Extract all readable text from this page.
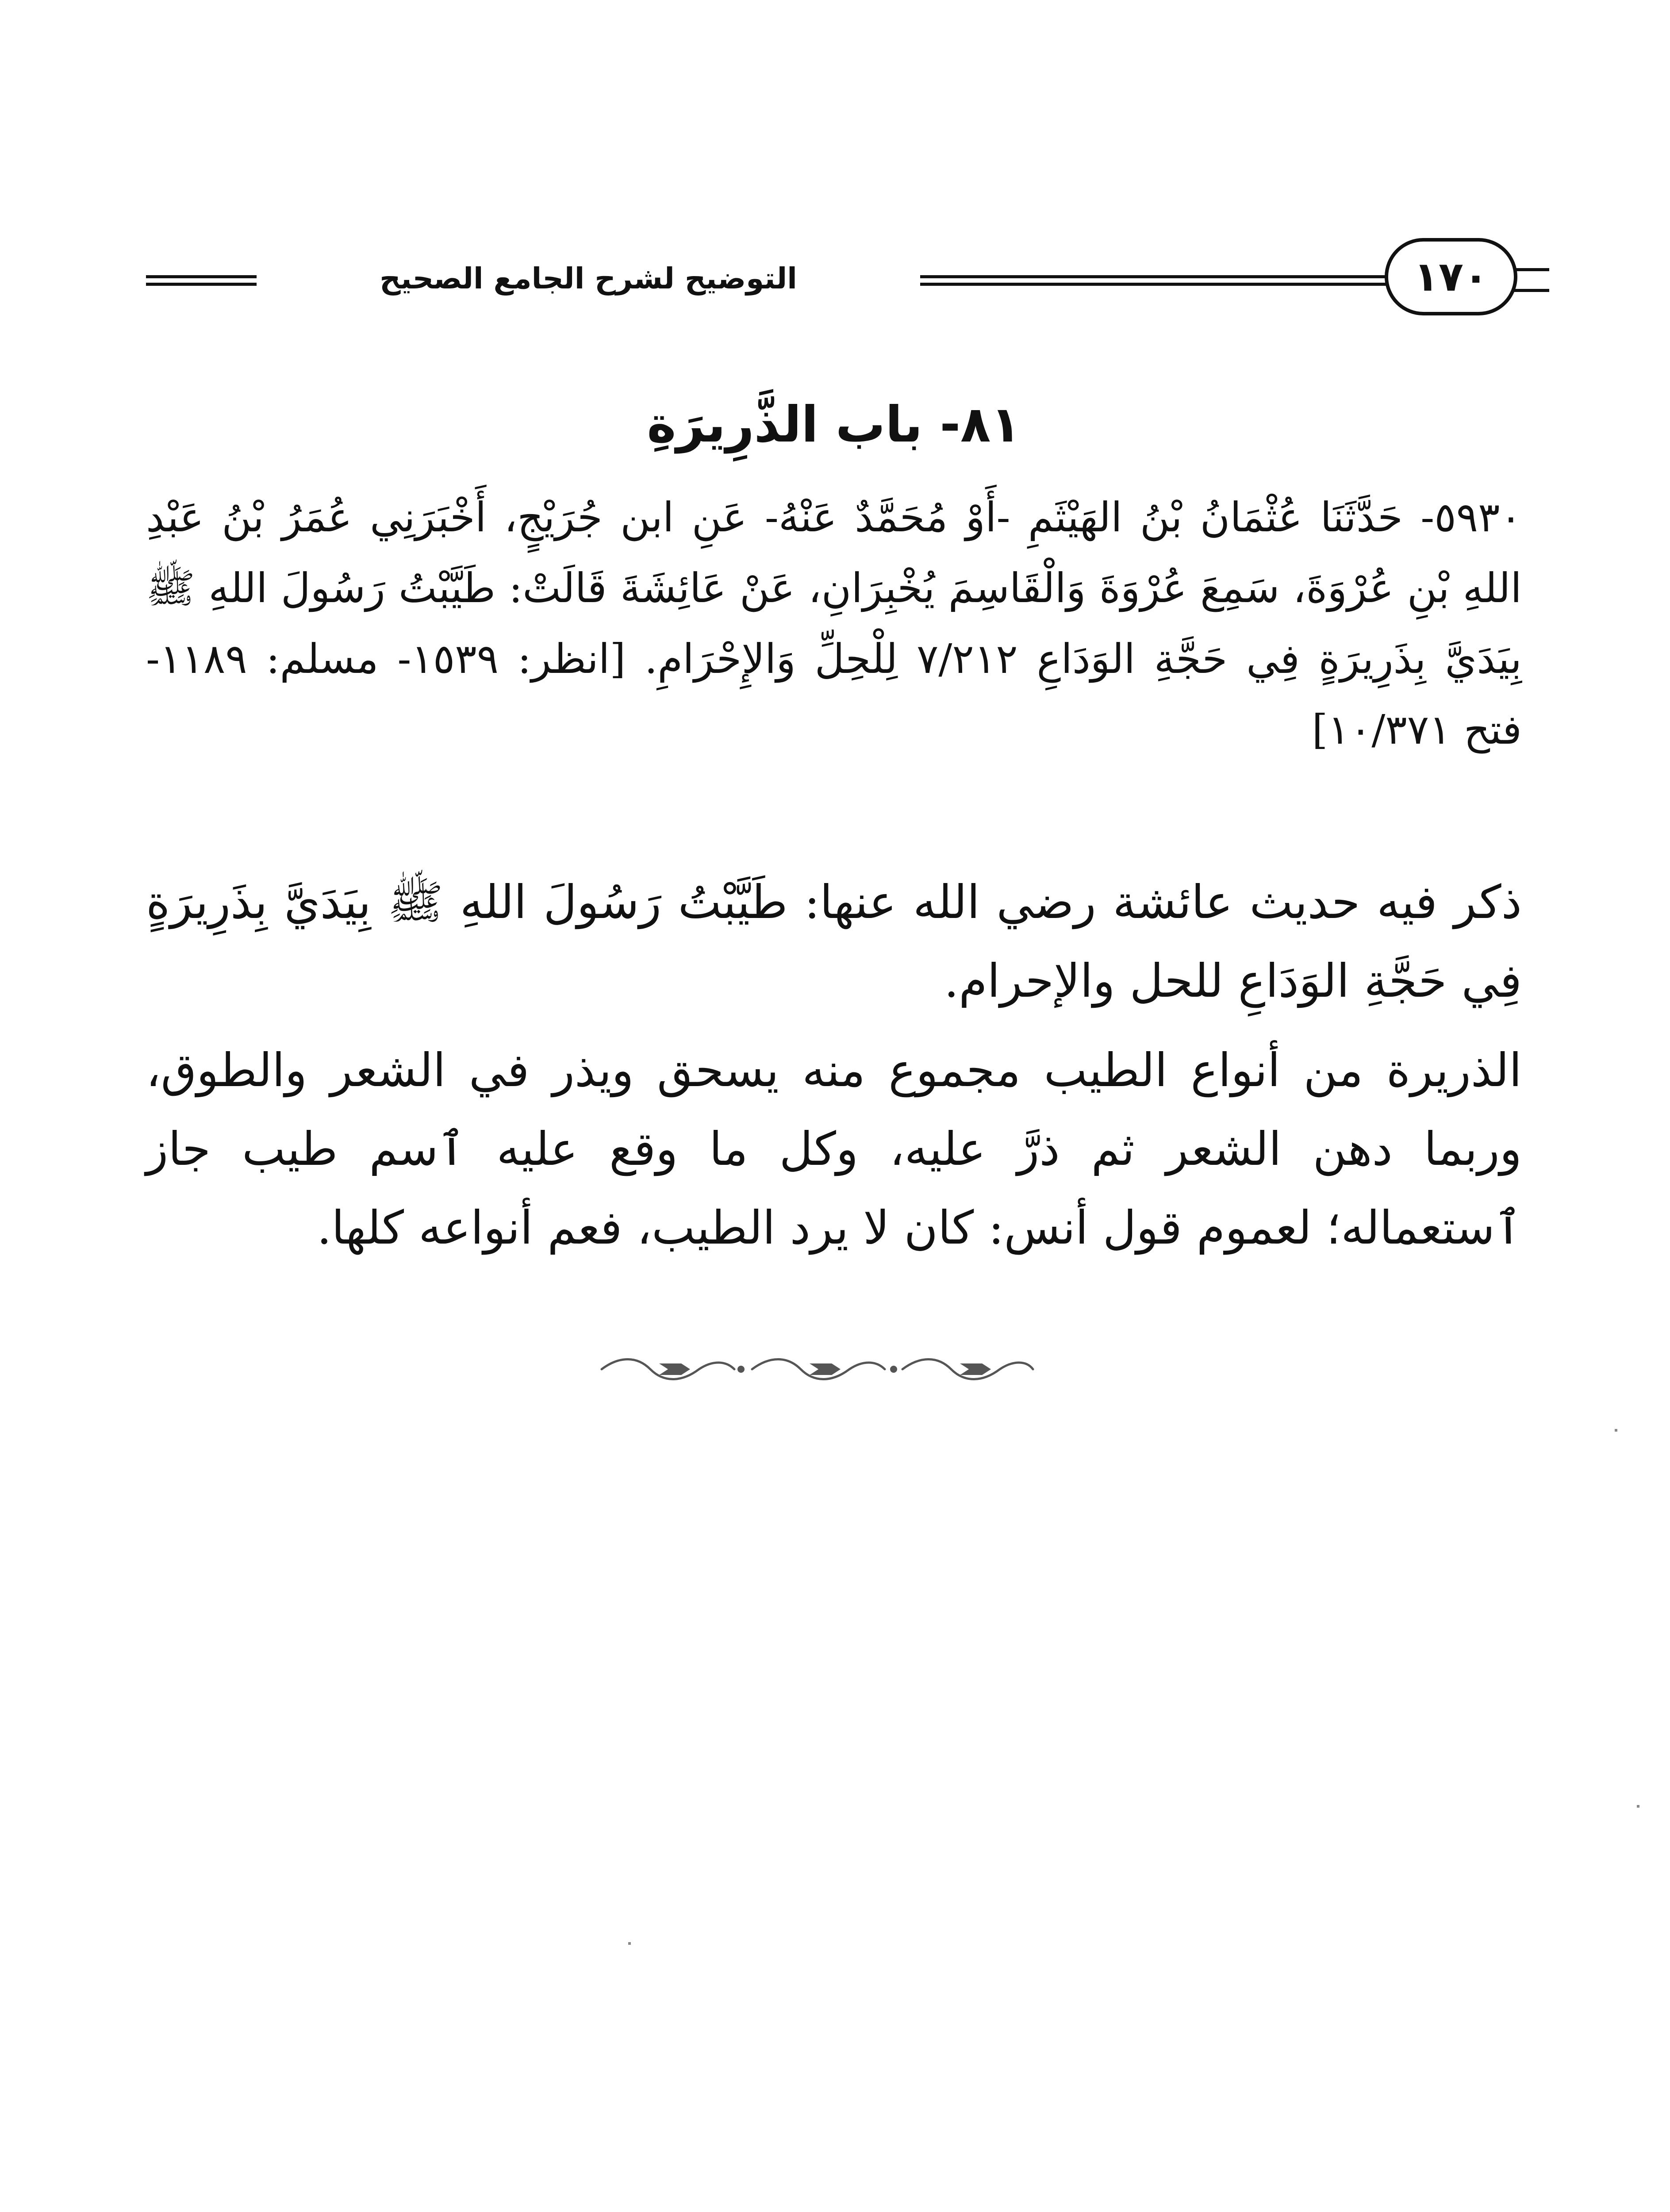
التوضيح لشرح الجامع الصحيح	١٧٠
٨١- باب الذَّرِيرَةِ

٥٩٣٠- حَدَّثَنَا عُثْمَانُ بْنُ الهَيْثَمِ -أَوْ مُحَمَّدٌ عَنْهُ- عَنِ ابن جُرَيْجٍ، أَخْبَرَنِي عُمَرُ بْنُ عَبْدِ اللهِ بْنِ عُرْوَةَ، سَمِعَ عُرْوَةَ وَالْقَاسِمَ يُخْبِرَانِ، عَنْ عَائِشَةَ قَالَتْ: طَيَّبْتُ رَسُولَ اللهِ ﷺ بِيَدَيَّ بِذَرِيرَةٍ فِي حَجَّةِ الوَدَاعِ ٧/٢١٢ لِلْحِلِّ وَالإِحْرَامِ. [انظر: ١٥٣٩- مسلم: ١١٨٩- فتح ١٠/٣٧١]

ذكر فيه حديث عائشة رضي الله عنها: طَيَّبْتُ رَسُولَ اللهِ ﷺ بِيَدَيَّ بِذَرِيرَةٍ فِي حَجَّةِ الوَدَاعِ للحل والإحرام.

الذريرة من أنواع الطيب مجموع منه يسحق ويذر في الشعر والطوق، وربما دهن الشعر ثم ذرَّ عليه، وكل ما وقع عليه ٱسم طيب جاز ٱستعماله؛ لعموم قول أنس: كان لا يرد الطيب، فعم أنواعه كلها.
